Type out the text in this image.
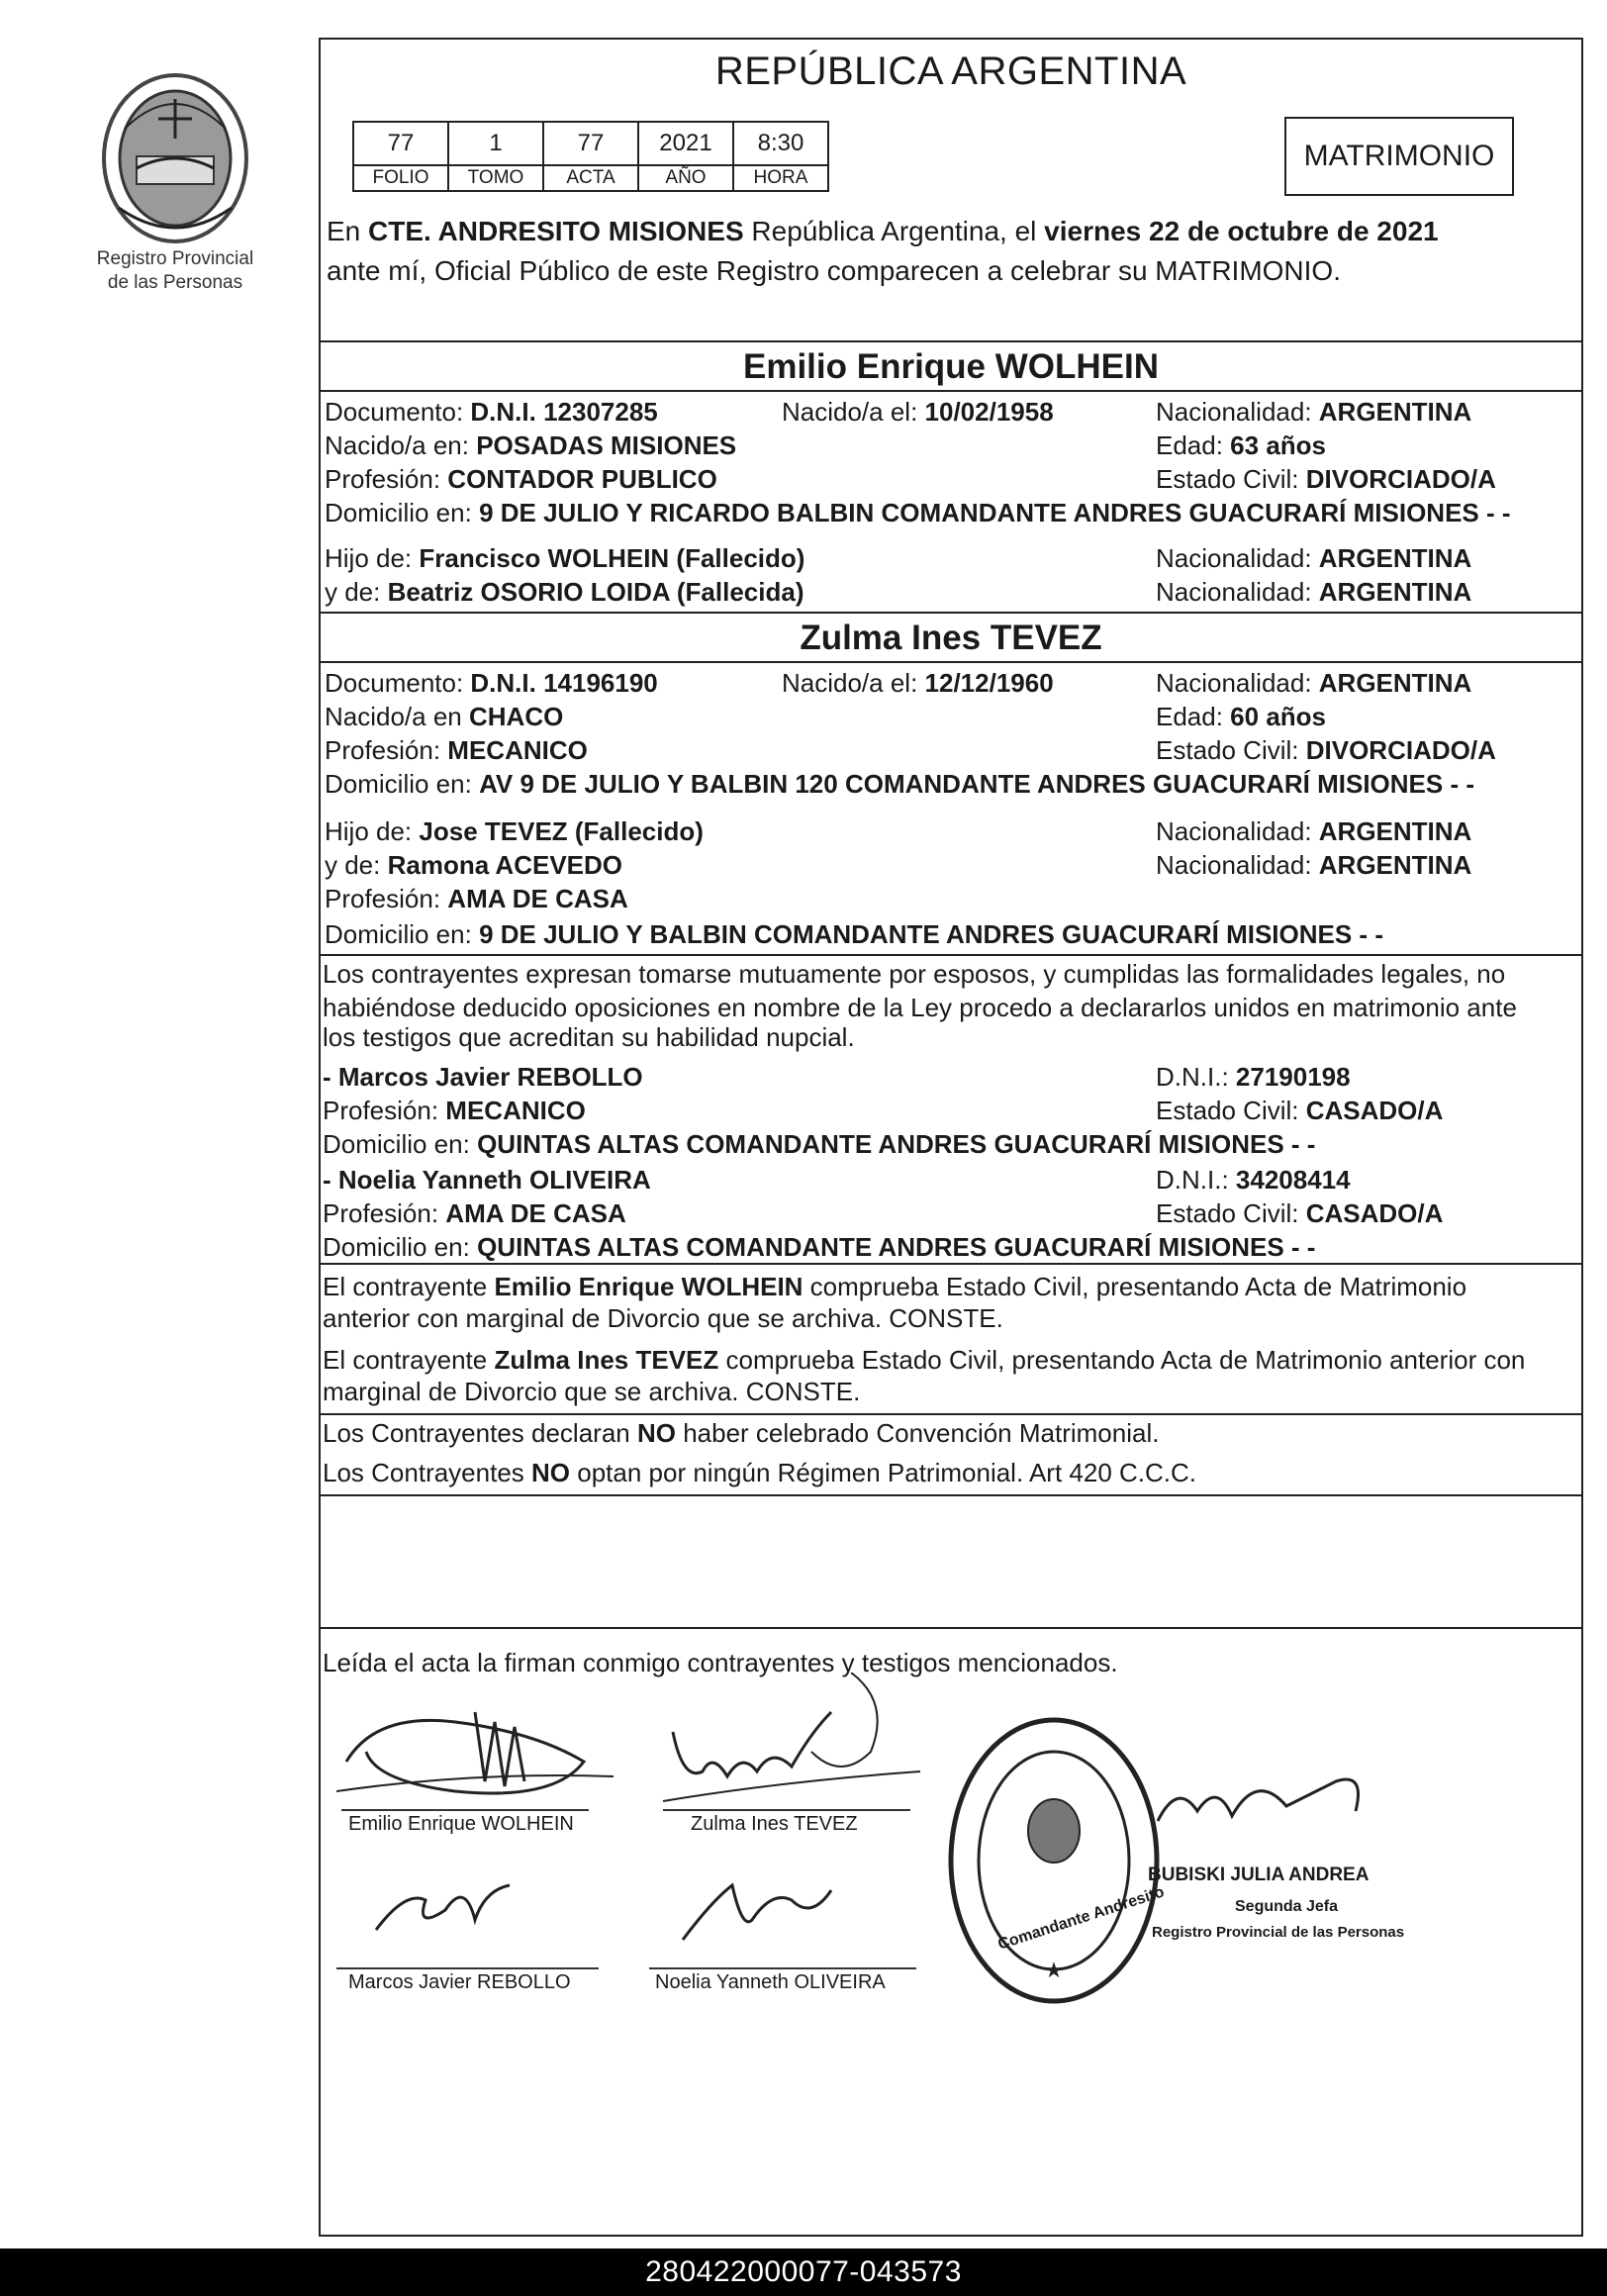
Registro Provincial
de las Personas
REPÚBLICA ARGENTINA
77	1	77	2021	8:30
FOLIO	TOMO	ACTA	AÑO	HORA
MATRIMONIO
En CTE. ANDRESITO MISIONES República Argentina, el viernes 22 de octubre de 2021
ante mí, Oficial Público de este Registro comparecen a celebrar su MATRIMONIO.
Emilio Enrique WOLHEIN
Documento: D.N.I. 12307285	Nacido/a el: 10/02/1958	Nacionalidad: ARGENTINA
Nacido/a en: POSADAS MISIONES	Edad: 63 años
Profesión: CONTADOR PUBLICO	Estado Civil: DIVORCIADO/A
Domicilio en: 9 DE JULIO Y RICARDO BALBIN COMANDANTE ANDRES GUACURARÍ MISIONES - -
Hijo de: Francisco WOLHEIN (Fallecido)	Nacionalidad: ARGENTINA
y de: Beatriz OSORIO LOIDA (Fallecida)	Nacionalidad: ARGENTINA
Zulma Ines TEVEZ
Documento: D.N.I. 14196190	Nacido/a el: 12/12/1960	Nacionalidad: ARGENTINA
Nacido/a en CHACO	Edad: 60 años
Profesión: MECANICO	Estado Civil: DIVORCIADO/A
Domicilio en: AV 9 DE JULIO Y BALBIN 120 COMANDANTE ANDRES GUACURARÍ MISIONES - -
Hijo de: Jose TEVEZ (Fallecido)	Nacionalidad: ARGENTINA
y de: Ramona ACEVEDO	Nacionalidad: ARGENTINA
Profesión: AMA DE CASA
Domicilio en: 9 DE JULIO Y BALBIN COMANDANTE ANDRES GUACURARÍ MISIONES - -
Los contrayentes expresan tomarse mutuamente por esposos, y cumplidas las formalidades legales, no
habiéndose deducido oposiciones en nombre de la Ley procedo a declararlos unidos en matrimonio ante
los testigos que acreditan su habilidad nupcial.
- Marcos Javier REBOLLO	D.N.I.: 27190198
Profesión: MECANICO	Estado Civil: CASADO/A
Domicilio en: QUINTAS ALTAS COMANDANTE ANDRES GUACURARÍ MISIONES - -
- Noelia Yanneth OLIVEIRA	D.N.I.: 34208414
Profesión: AMA DE CASA	Estado Civil: CASADO/A
Domicilio en: QUINTAS ALTAS COMANDANTE ANDRES GUACURARÍ MISIONES - -
El contrayente Emilio Enrique WOLHEIN comprueba Estado Civil, presentando Acta de Matrimonio
anterior con marginal de Divorcio que se archiva. CONSTE.
El contrayente Zulma Ines TEVEZ comprueba Estado Civil, presentando Acta de Matrimonio anterior con
marginal de Divorcio que se archiva. CONSTE.
Los Contrayentes declaran NO haber celebrado Convención Matrimonial.
Los Contrayentes NO optan por ningún Régimen Patrimonial. Art 420 C.C.C.
Leída el acta la firman conmigo contrayentes y testigos mencionados.
Emilio Enrique WOLHEIN	Zulma Ines TEVEZ
Marcos Javier REBOLLO	Noelia Yanneth OLIVEIRA	★
Comandante Andresito
BUBISKI JULIA ANDREA
Segunda Jefa
Registro Provincial de las Personas
280422000077-043573
